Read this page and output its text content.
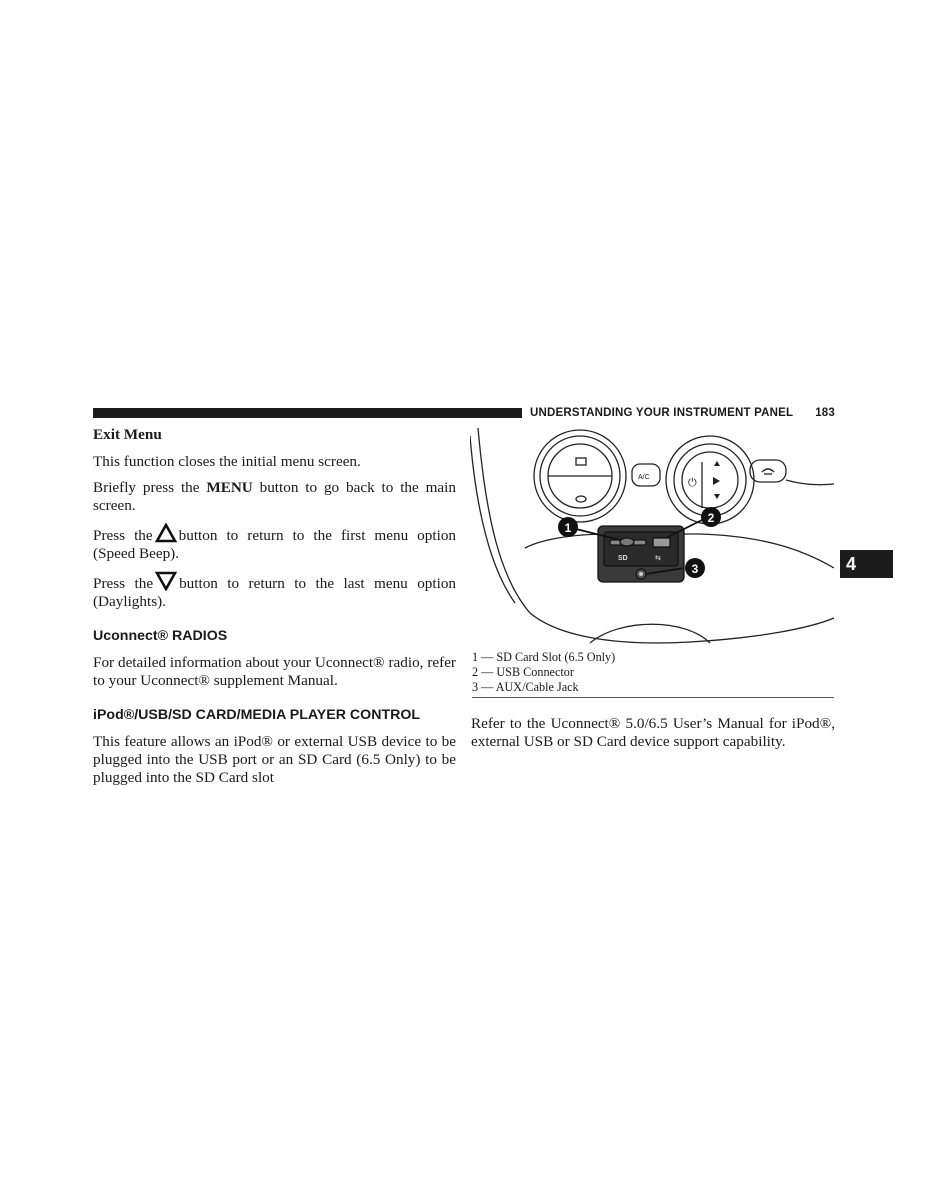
UNDERSTANDING YOUR INSTRUMENT PANEL 183
4
Exit Menu

This function closes the initial menu screen.

Briefly press the MENU button to go back to the main screen.

Press the button to return to the first menu option (Speed Beep).

Press the button to return to the last menu option (Daylights).

Uconnect® RADIOS

For detailed information about your Uconnect® radio, refer to your Uconnect® supplement Manual.

iPod®/USB/SD CARD/MEDIA PLAYER CONTROL

This feature allows an iPod® or external USB device to be plugged into the USB port or an SD Card (6.5 Only) to be plugged into the SD Card slot

⏻
A/C
SD	⇆
1
2
3
1 — SD Card Slot (6.5 Only)
2 — USB Connector
3 — AUX/Cable Jack

Refer to the Uconnect® 5.0/6.5 User’s Manual for iPod®, external USB or SD Card device support capability.
